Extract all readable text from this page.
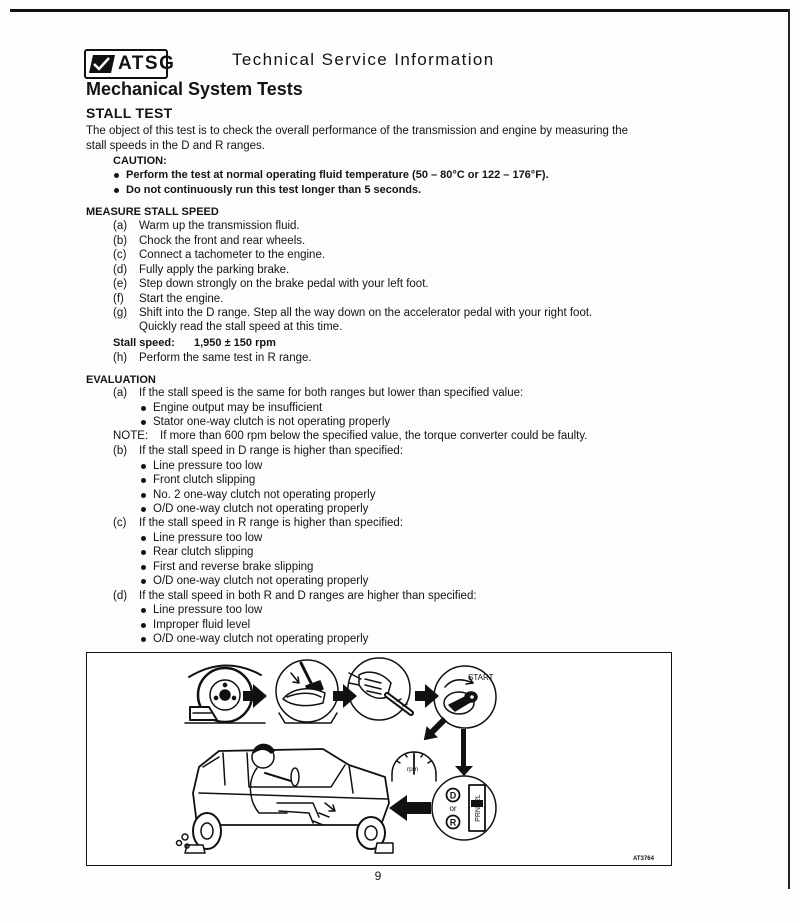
ATSG	Technical Service Information
Mechanical System Tests
STALL TEST
The object of this test is to check the overall performance of the transmission and engine by measuring the
stall speeds in the D and R ranges.
CAUTION:
Perform the test at normal operating fluid temperature (50 – 80°C or 122 – 176°F).
Do not continuously run this test longer than 5 seconds.
MEASURE STALL SPEED
(a) Warm up the transmission fluid.
(b) Chock the front and rear wheels.
(c) Connect a tachometer to the engine.
(d) Fully apply the parking brake.
(e) Step down strongly on the brake pedal with your left foot.
(f) Start the engine.
(g) Shift into the D range. Step all the way down on the accelerator pedal with your right foot.
Quickly read the stall speed at this time.
Stall speed: 1,950 ± 150 rpm
(h) Perform the same test in R range.
EVALUATION
(a) If the stall speed is the same for both ranges but lower than specified value:
Engine output may be insufficient
Stator one-way clutch is not operating properly
NOTE: If more than 600 rpm below the specified value, the torque converter could be faulty.
(b) If the stall speed in D range is higher than specified:
Line pressure too low
Front clutch slipping
No. 2 one-way clutch not operating properly
O/D one-way clutch not operating properly
(c) If the stall speed in R range is higher than specified:
Line pressure too low
Rear clutch slipping
First and reverse brake slipping
O/D one-way clutch not operating properly
(d) If the stall speed in both R and D ranges are higher than specified:
Line pressure too low
Improper fluid level
O/D one-way clutch not operating properly
START
rpm
D
or
R
PRND2L
AT3764
9
